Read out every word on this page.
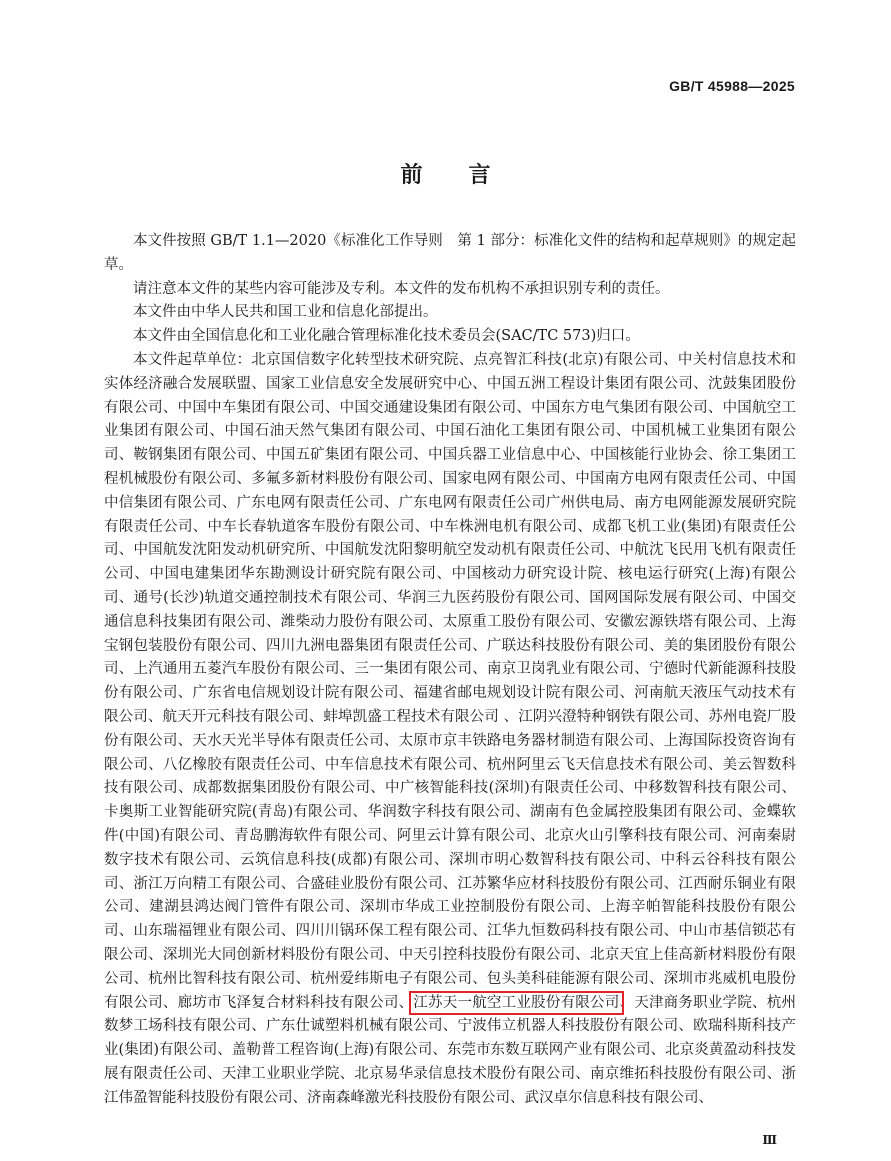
GB/T 45988—2025
前言

本文件按照 GB/T 1.1—2020《标准化工作导则　第 1 部分：标准化文件的结构和起草规则》的规定起草。

请注意本文件的某些内容可能涉及专利。本文件的发布机构不承担识别专利的责任。

本文件由中华人民共和国工业和信息化部提出。

本文件由全国信息化和工业化融合管理标准化技术委员会(SAC/TC 573)归口。

本文件起草单位：北京国信数字化转型技术研究院、点亮智汇科技(北京)有限公司、中关村信息技术和实体经济融合发展联盟、国家工业信息安全发展研究中心、中国五洲工程设计集团有限公司、沈鼓集团股份有限公司、中国中车集团有限公司、中国交通建设集团有限公司、中国东方电气集团有限公司、中国航空工业集团有限公司、中国石油天然气集团有限公司、中国石油化工集团有限公司、中国机械工业集团有限公司、鞍钢集团有限公司、中国五矿集团有限公司、中国兵器工业信息中心、中国核能行业协会、徐工集团工程机械股份有限公司、多氟多新材料股份有限公司、国家电网有限公司、中国南方电网有限责任公司、中国中信集团有限公司、广东电网有限责任公司、广东电网有限责任公司广州供电局、南方电网能源发展研究院有限责任公司、中车长春轨道客车股份有限公司、中车株洲电机有限公司、成都飞机工业(集团)有限责任公司、中国航发沈阳发动机研究所、中国航发沈阳黎明航空发动机有限责任公司、中航沈飞民用飞机有限责任公司、中国电建集团华东勘测设计研究院有限公司、中国核动力研究设计院、核电运行研究(上海)有限公司、通号(长沙)轨道交通控制技术有限公司、华润三九医药股份有限公司、国网国际发展有限公司、中国交通信息科技集团有限公司、潍柴动力股份有限公司、太原重工股份有限公司、安徽宏源铁塔有限公司、上海宝钢包装股份有限公司、四川九洲电器集团有限责任公司、广联达科技股份有限公司、美的集团股份有限公司、上汽通用五菱汽车股份有限公司、三一集团有限公司、南京卫岗乳业有限公司、宁德时代新能源科技股份有限公司、广东省电信规划设计院有限公司、福建省邮电规划设计院有限公司、河南航天液压气动技术有限公司、航天开元科技有限公司、蚌埠凯盛工程技术有限公司 、江阴兴澄特种钢铁有限公司、苏州电瓷厂股份有限公司、天水天光半导体有限责任公司、太原市京丰铁路电务器材制造有限公司、上海国际投资咨询有限公司、八亿橡胶有限责任公司、中车信息技术有限公司、杭州阿里云飞天信息技术有限公司、美云智数科技有限公司、成都数据集团股份有限公司、中广核智能科技(深圳)有限责任公司、中移数智科技有限公司、卡奥斯工业智能研究院(青岛)有限公司、华润数字科技有限公司、湖南有色金属控股集团有限公司、金蝶软件(中国)有限公司、青岛鹏海软件有限公司、阿里云计算有限公司、北京火山引擎科技有限公司、河南秦尉数字技术有限公司、云筑信息科技(成都)有限公司、深圳市明心数智科技有限公司、中科云谷科技有限公司、浙江万向精工有限公司、合盛硅业股份有限公司、江苏繁华应材科技股份有限公司、江西耐乐铜业有限公司、建湖县鸿达阀门管件有限公司、深圳市华成工业控制股份有限公司、上海辛帕智能科技股份有限公司、山东瑞福锂业有限公司、四川川锅环保工程有限公司、江华九恒数码科技有限公司、中山市基信锁芯有限公司、深圳光大同创新材料股份有限公司、中天引控科技股份有限公司、北京天宜上佳高新材料股份有限公司、杭州比智科技有限公司、杭州爱纬斯电子有限公司、包头美科硅能源有限公司、深圳市兆威机电股份有限公司、廊坊市飞泽复合材料科技有限公司、江苏天一航空工业股份有限公司、天津商务职业学院、杭州数梦工场科技有限公司、广东仕诚塑料机械有限公司、宁波伟立机器人科技股份有限公司、欧瑞科斯科技产业(集团)有限公司、盖勒普工程咨询(上海)有限公司、东莞市东数互联网产业有限公司、北京炎黄盈动科技发展有限责任公司、天津工业职业学院、北京易华录信息技术股份有限公司、南京维拓科技股份有限公司、浙江伟盈智能科技股份有限公司、济南森峰激光科技股份有限公司、武汉卓尔信息科技有限公司、

Ⅲ
